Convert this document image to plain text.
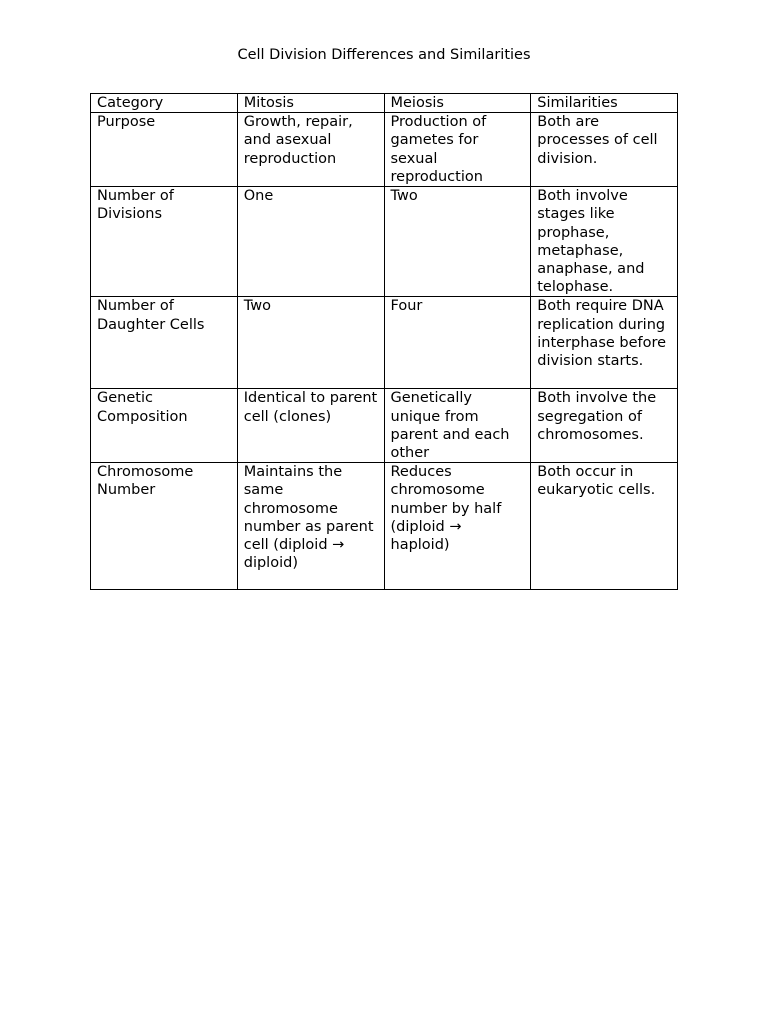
Cell Division Differences and Similarities
Category	Mitosis	Meiosis	Similarities
Purpose	Growth, repair, and asexual reproduction	Production of gametes for sexual reproduction	Both are processes of cell division.
Number of Divisions	One	Two	Both involve stages like prophase, metaphase, anaphase, and telophase.
Number of Daughter Cells	Two	Four	Both require DNA replication during interphase before division starts.
Genetic Composition	Identical to parent cell (clones)	Genetically unique from parent and each other	Both involve the segregation of chromosomes.
Chromosome Number	Maintains the same chromosome number as parent cell (diploid → diploid)	Reduces chromosome number by half (diploid → haploid)	Both occur in eukaryotic cells.
